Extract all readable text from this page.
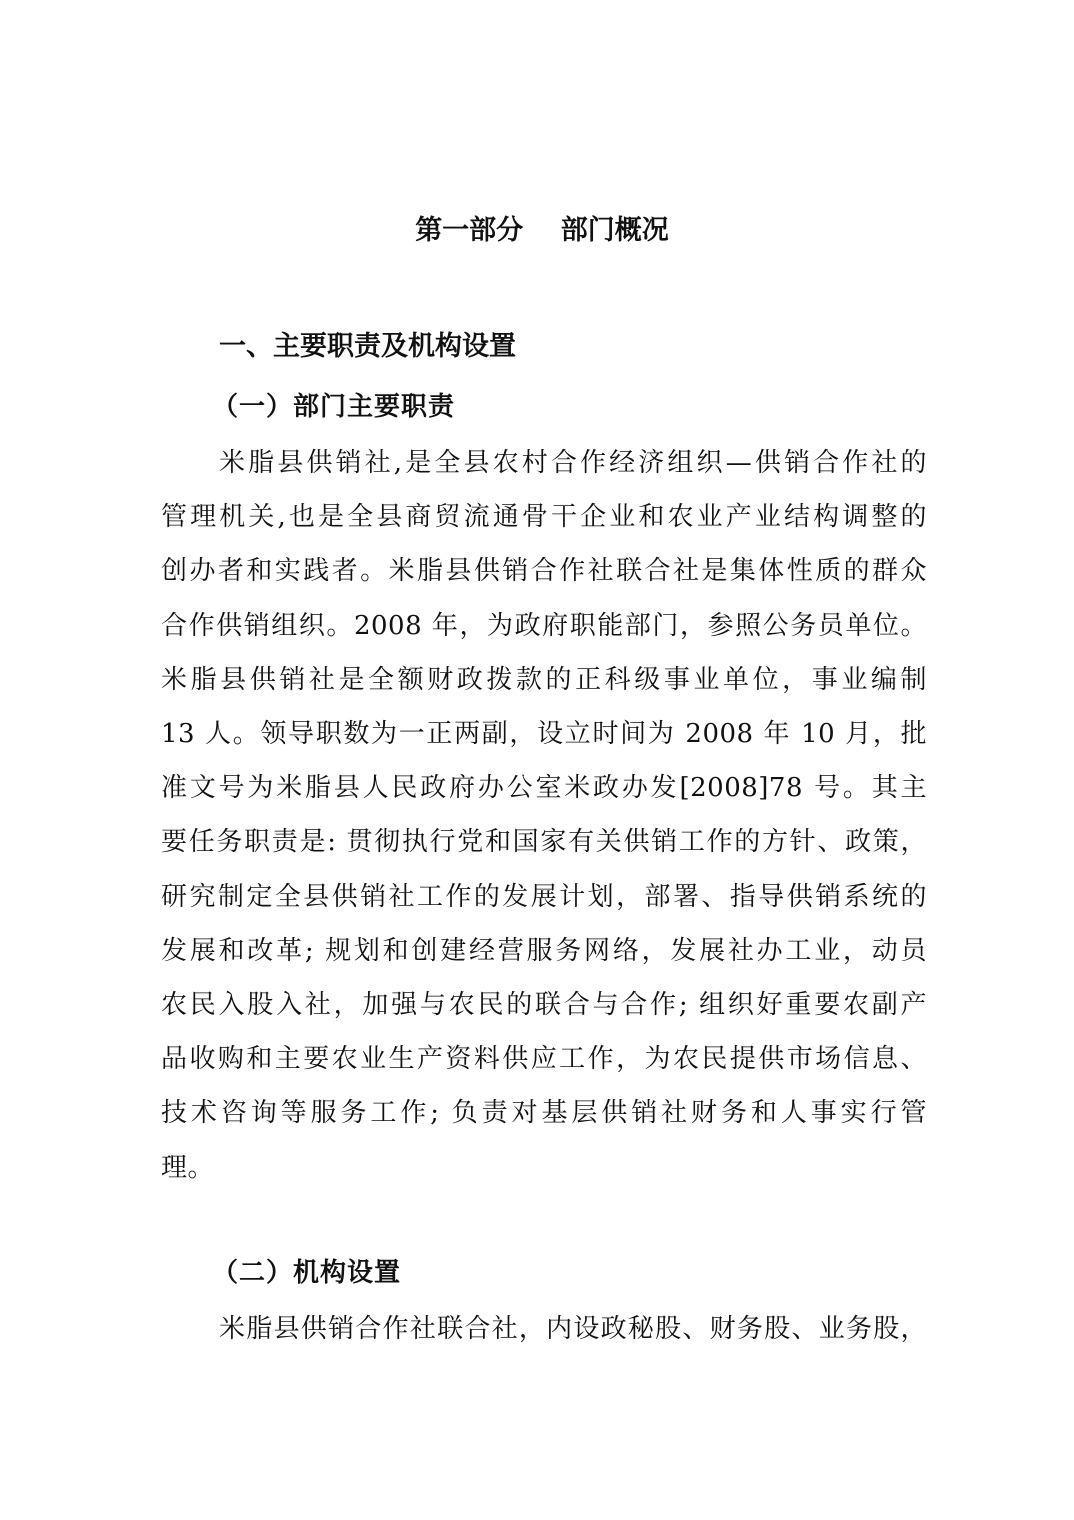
第一部分    部门概况
一、主要职责及机构设置
（一）部门主要职责
米脂县供销社,是全县农村合作经济组织—供销合作社的
管理机关,也是全县商贸流通骨干企业和农业产业结构调整的
创办者和实践者。米脂县供销合作社联合社是集体性质的群众
合作供销组织。2008 年，为政府职能部门，参照公务员单位。
米脂县供销社是全额财政拨款的正科级事业单位，事业编制
13 人。领导职数为一正两副，设立时间为 2008 年 10 月，批
准文号为米脂县人民政府办公室米政办发[2008]78 号。其主
要任务职责是: 贯彻执行党和国家有关供销工作的方针、政策，
研究制定全县供销社工作的发展计划，部署、指导供销系统的
发展和改革; 规划和创建经营服务网络，发展社办工业，动员
农民入股入社，加强与农民的联合与合作; 组织好重要农副产
品收购和主要农业生产资料供应工作，为农民提供市场信息、
技术咨询等服务工作; 负责对基层供销社财务和人事实行管
理。
（二）机构设置
米脂县供销合作社联合社，内设政秘股、财务股、业务股，
